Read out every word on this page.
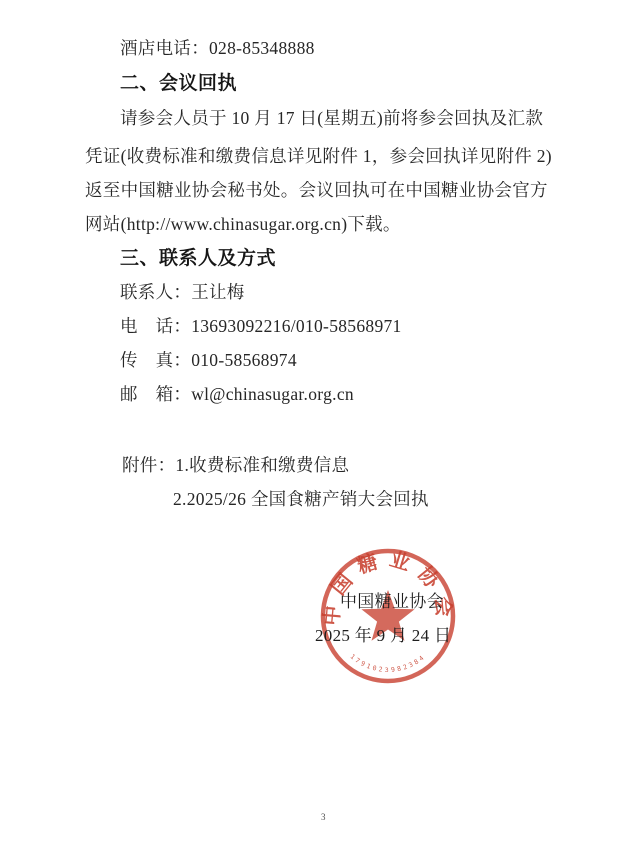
酒店电话：028-85348888
二、会议回执
请参会人员于 10 月 17 日(星期五)前将参会回执及汇款
凭证(收费标准和缴费信息详见附件 1，参会回执详见附件 2)
返至中国糖业协会秘书处。会议回执可在中国糖业协会官方
网站(http://www.chinasugar.org.cn)下载。
三、联系人及方式
联系人：王让梅
电　话：13693092216/010-58568971
传　真：010-58568974
邮　箱：wl@chinasugar.org.cn
附件：1.收费标准和缴费信息
2.2025/26 全国食糖产销大会回执
中国糖业协会
1791023982384
中国糖业协会
2025 年 9 月 24 日
3
